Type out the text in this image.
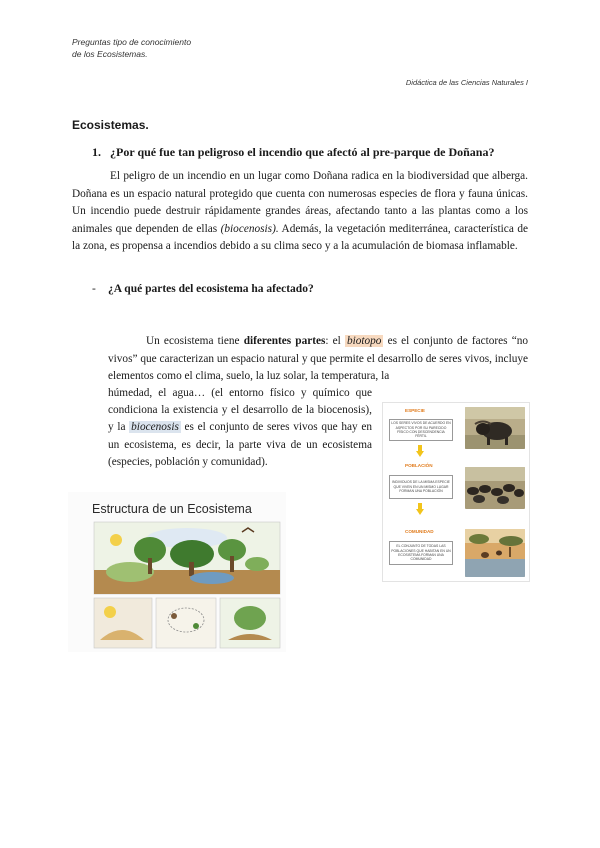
Preguntas tipo de conocimiento
de los Ecosistemas.
Didáctica de las Ciencias Naturales I
Ecosistemas.
1. ¿Por qué fue tan peligroso el incendio que afectó al pre-parque de Doñana?
El peligro de un incendio en un lugar como Doñana radica en la biodiversidad que alberga. Doñana es un espacio natural protegido que cuenta con numerosas especies de flora y fauna únicas. Un incendio puede destruir rápidamente grandes áreas, afectando tanto a las plantas como a los animales que dependen de ellas (biocenosis). Además, la vegetación mediterránea, característica de la zona, es propensa a incendios debido a su clima seco y a la acumulación de biomasa inflamable.
- ¿A qué partes del ecosistema ha afectado?
Un ecosistema tiene diferentes partes: el biotopo es el conjunto de factores “no vivos” que caracterizan un espacio natural y que permite el desarrollo de seres vivos, incluye elementos como el clima, suelo, la luz solar, la temperatura, la
húmedad, el agua… (el entorno físico y químico que condiciona la existencia y el desarrollo de la biocenosis), y la biocenosis es el conjunto de seres vivos que hay en un ecosistema, es decir, la parte viva de un ecosistema (especies, población y comunidad).
ESPECIE
LOS SERES VIVOS DE ACUERDO EN ASPECTOS POR SU PARECIDO FÍSICO CON DESCENDENCIA FÉRTIL
POBLACIÓN
INDIVIDUOS DE LA MISMA ESPECIE QUE VIVEN EN UN MISMO LUGAR FORMAN UNA POBLACIÓN
COMUNIDAD
EL CONJUNTO DE TODAS LAS POBLACIONES QUE HABITAN EN UN ECOSISTEMA FORMAN UNA COMUNIDAD
Estructura de un Ecosistema
